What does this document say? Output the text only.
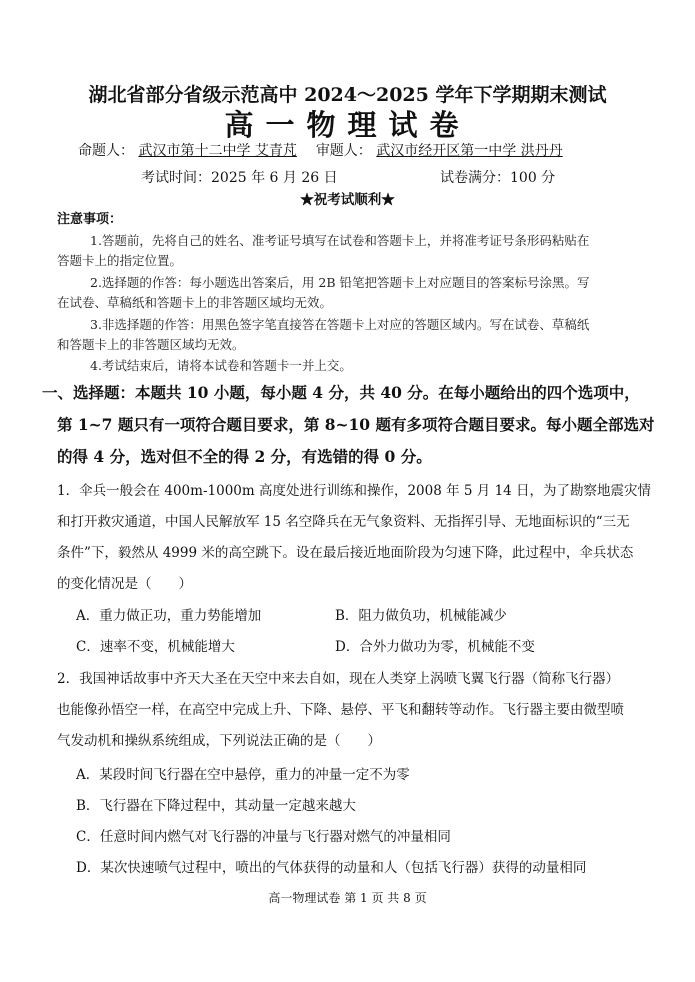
湖北省部分省级示范高中 2024～2025 学年下学期期末测试
高一物理试卷
命题人： 武汉市第十二中学 艾青芃 审题人： 武汉市经开区第一中学 洪丹丹
考试时间：2025 年 6 月 26 日	试卷满分：100 分
★祝考试顺利★
注意事项：
1.答题前，先将自己的姓名、准考证号填写在试卷和答题卡上，并将准考证号条形码粘贴在
答题卡上的指定位置。
2.选择题的作答：每小题选出答案后，用 2B 铅笔把答题卡上对应题目的答案标号涂黑。写
在试卷、草稿纸和答题卡上的非答题区域均无效。
3.非选择题的作答：用黑色签字笔直接答在答题卡上对应的答题区域内。写在试卷、草稿纸
和答题卡上的非答题区域均无效。
4.考试结束后，请将本试卷和答题卡一并上交。
一、选择题：本题共 10 小题，每小题 4 分，共 40 分。在每小题给出的四个选项中，
第 1~7 题只有一项符合题目要求，第 8~10 题有多项符合题目要求。每小题全部选对
的得 4 分，选对但不全的得 2 分，有选错的得 0 分。
1．伞兵一般会在 400m-1000m 高度处进行训练和操作，2008 年 5 月 14 日，为了勘察地震灾情
和打开救灾通道，中国人民解放军 15 名空降兵在无气象资料、无指挥引导、无地面标识的“三无
条件”下，毅然从 4999 米的高空跳下。设在最后接近地面阶段为匀速下降，此过程中，伞兵状态
的变化情况是（　　）
A．重力做正功，重力势能增加	B．阻力做负功，机械能减少
C．速率不变，机械能增大	D．合外力做功为零，机械能不变
2．我国神话故事中齐天大圣在天空中来去自如，现在人类穿上涡喷飞翼飞行器（简称飞行器）
也能像孙悟空一样，在高空中完成上升、下降、悬停、平飞和翻转等动作。飞行器主要由微型喷
气发动机和操纵系统组成，下列说法正确的是（　　）
A．某段时间飞行器在空中悬停，重力的冲量一定不为零
B．飞行器在下降过程中，其动量一定越来越大
C．任意时间内燃气对飞行器的冲量与飞行器对燃气的冲量相同
D．某次快速喷气过程中，喷出的气体获得的动量和人（包括飞行器）获得的动量相同
高一物理试卷 第 1 页 共 8 页
